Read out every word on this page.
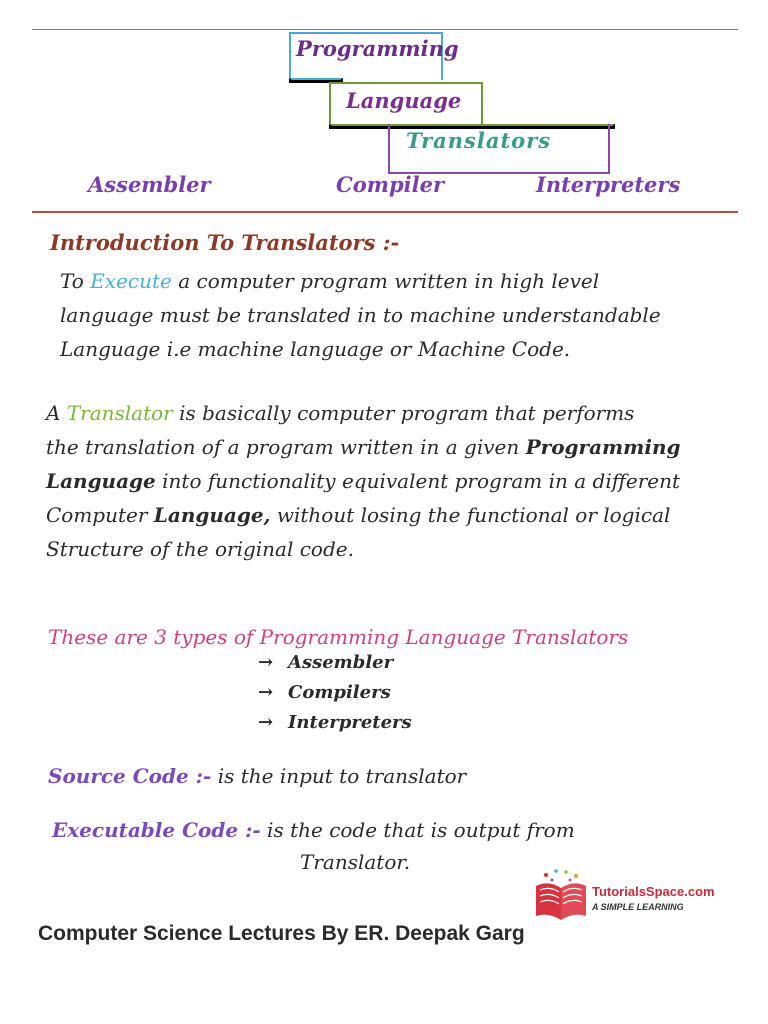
Programming
Language
Translators
Assembler	Compiler	Interpreters
Introduction To Translators :-
To Execute a computer program written in high level
language must be translated in to machine understandable
Language i.e machine language or Machine Code.
A Translator is basically computer program that performs
the translation of a program written in a given Programming
Language into functionality equivalent program in a different
Computer Language, without losing the functional or logical
Structure of the original code.
These are 3 types of Programming Language Translators
→ Assembler
→ Compilers
→ Interpreters
Source Code :- is the input to translator
Executable Code :- is the code that is output from
Translator.
TutorialsSpace.com
A SIMPLE LEARNING
Computer Science Lectures By ER. Deepak Garg
